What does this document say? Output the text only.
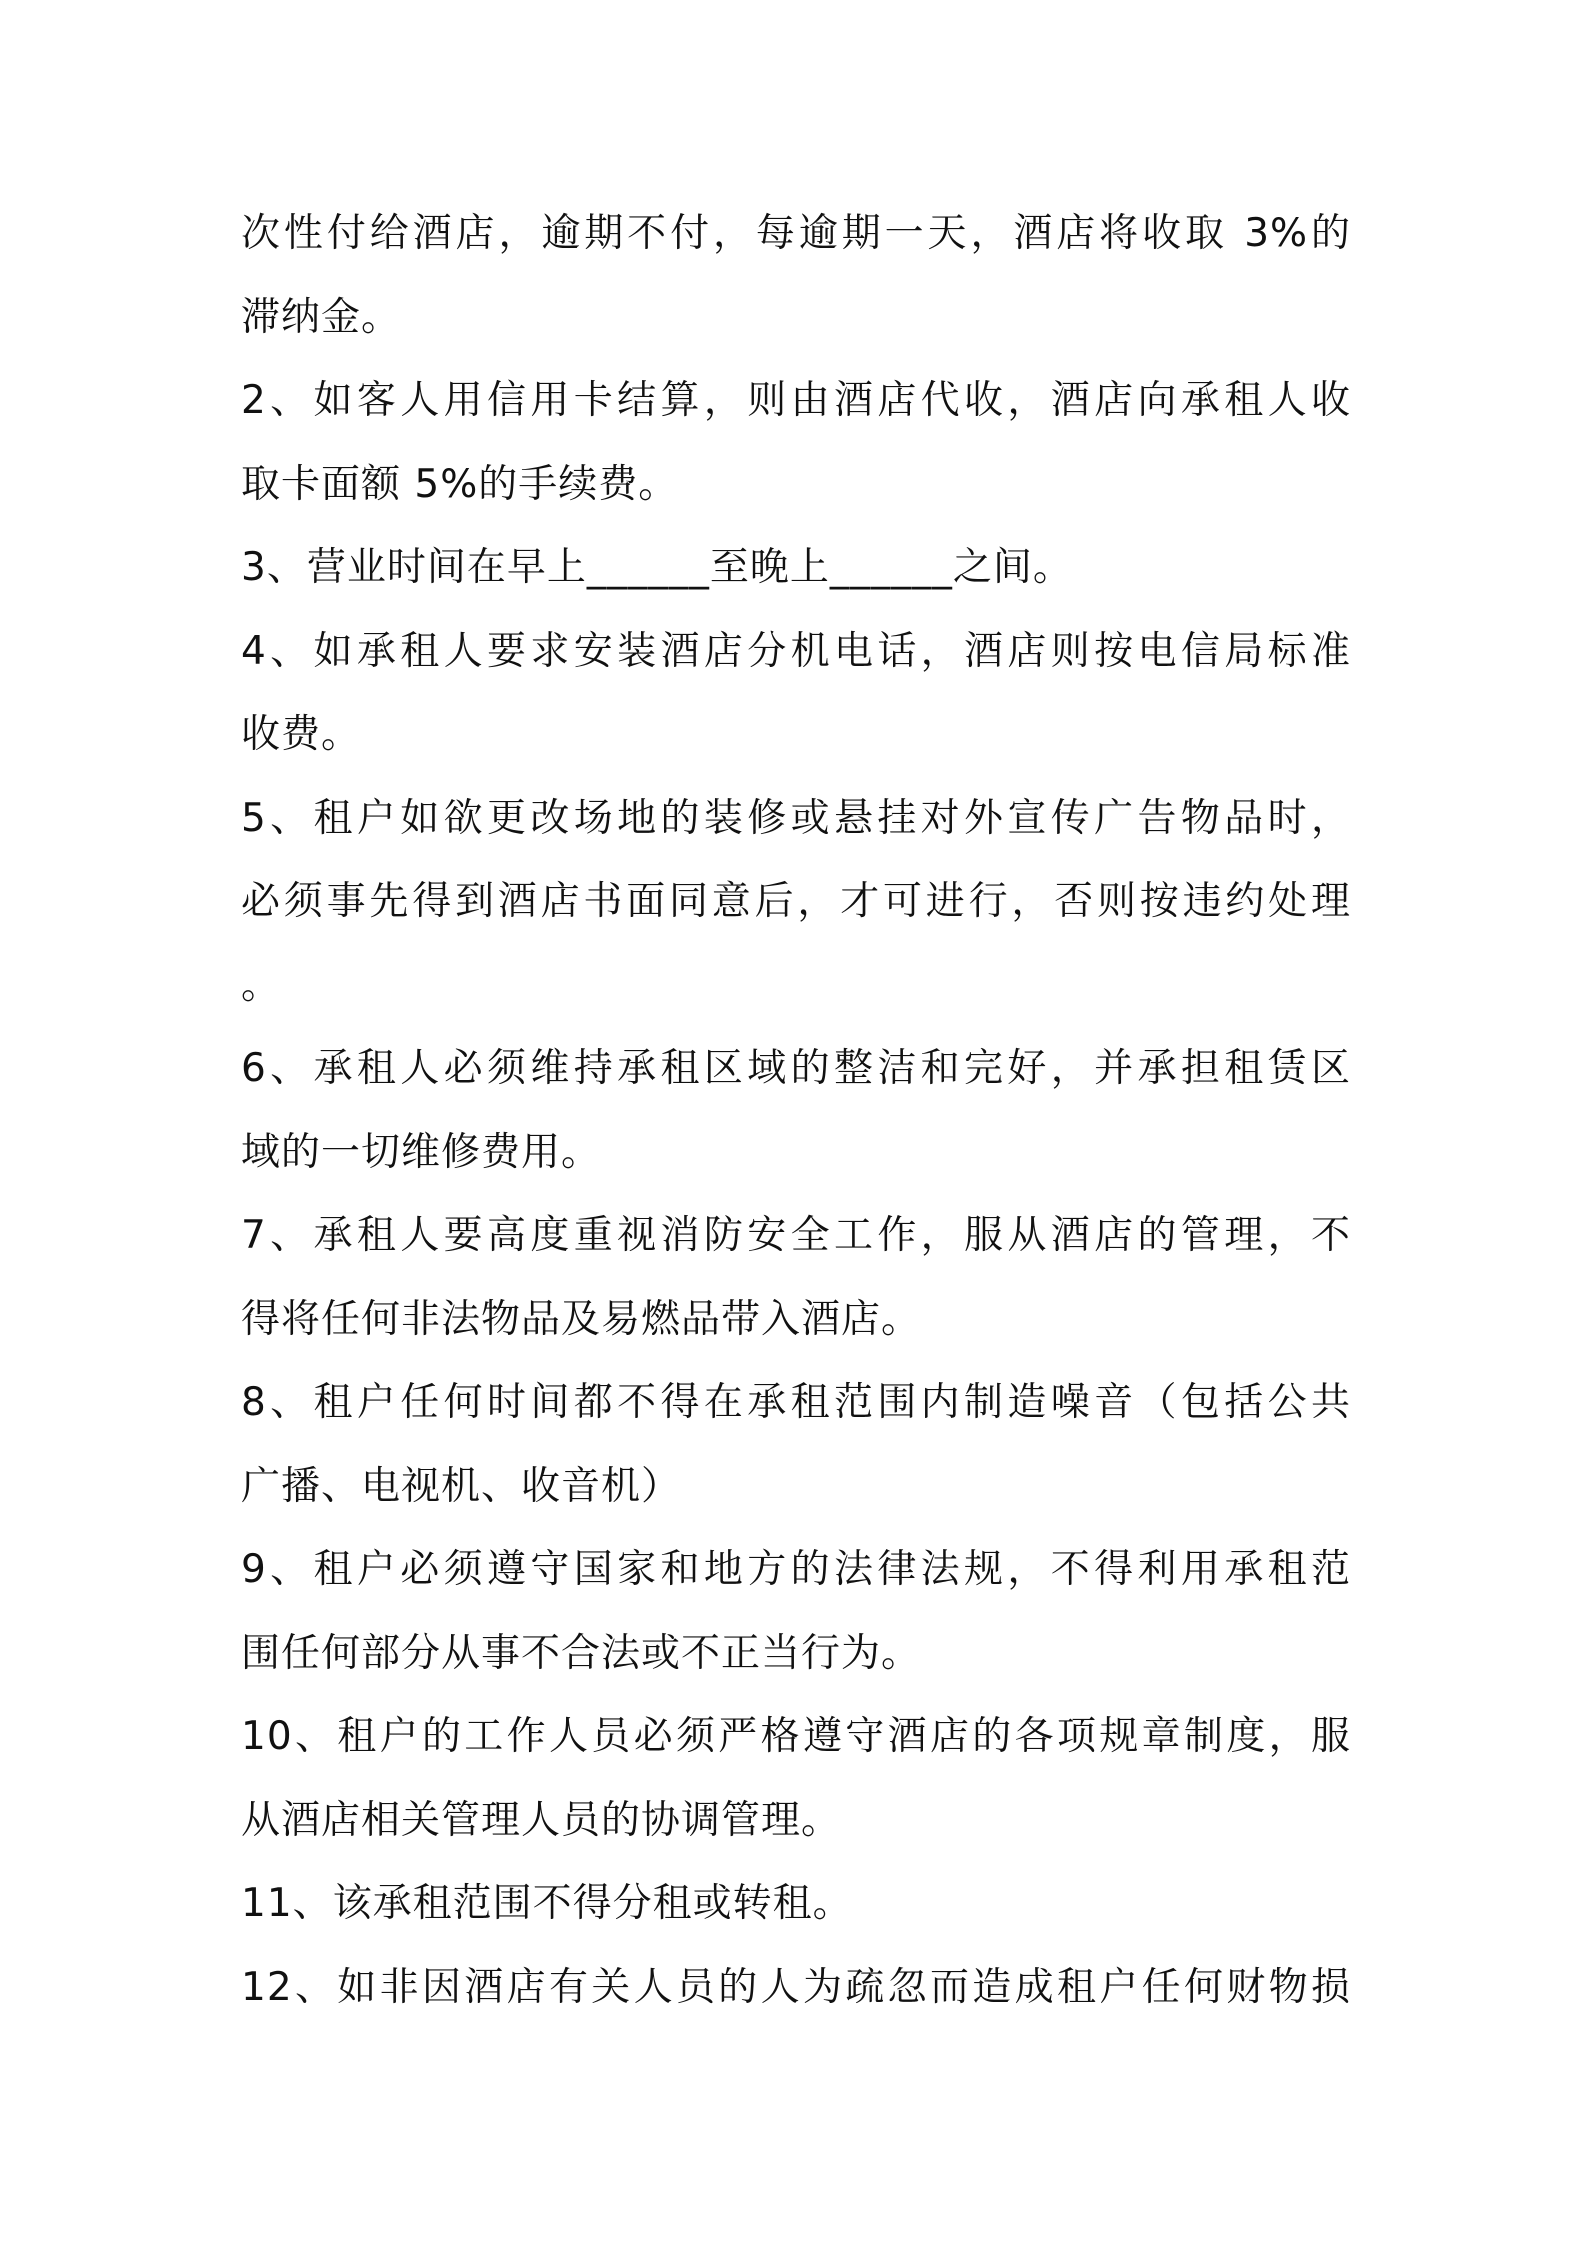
次性付给酒店，逾期不付，每逾期一天，酒店将收取 3%的
滞纳金。
2、如客人用信用卡结算，则由酒店代收，酒店向承租人收
取卡面额 5%的手续费。
3、营业时间在早上______至晚上______之间。
4、如承租人要求安装酒店分机电话，酒店则按电信局标准
收费。
5、租户如欲更改场地的装修或悬挂对外宣传广告物品时，
必须事先得到酒店书面同意后，才可进行，否则按违约处理
。
6、承租人必须维持承租区域的整洁和完好，并承担租赁区
域的一切维修费用。
7、承租人要高度重视消防安全工作，服从酒店的管理，不
得将任何非法物品及易燃品带入酒店。
8、租户任何时间都不得在承租范围内制造噪音（包括公共
广播、电视机、收音机）
9、租户必须遵守国家和地方的法律法规，不得利用承租范
围任何部分从事不合法或不正当行为。
10、租户的工作人员必须严格遵守酒店的各项规章制度，服
从酒店相关管理人员的协调管理。
11、该承租范围不得分租或转租。
12、如非因酒店有关人员的人为疏忽而造成租户任何财物损
